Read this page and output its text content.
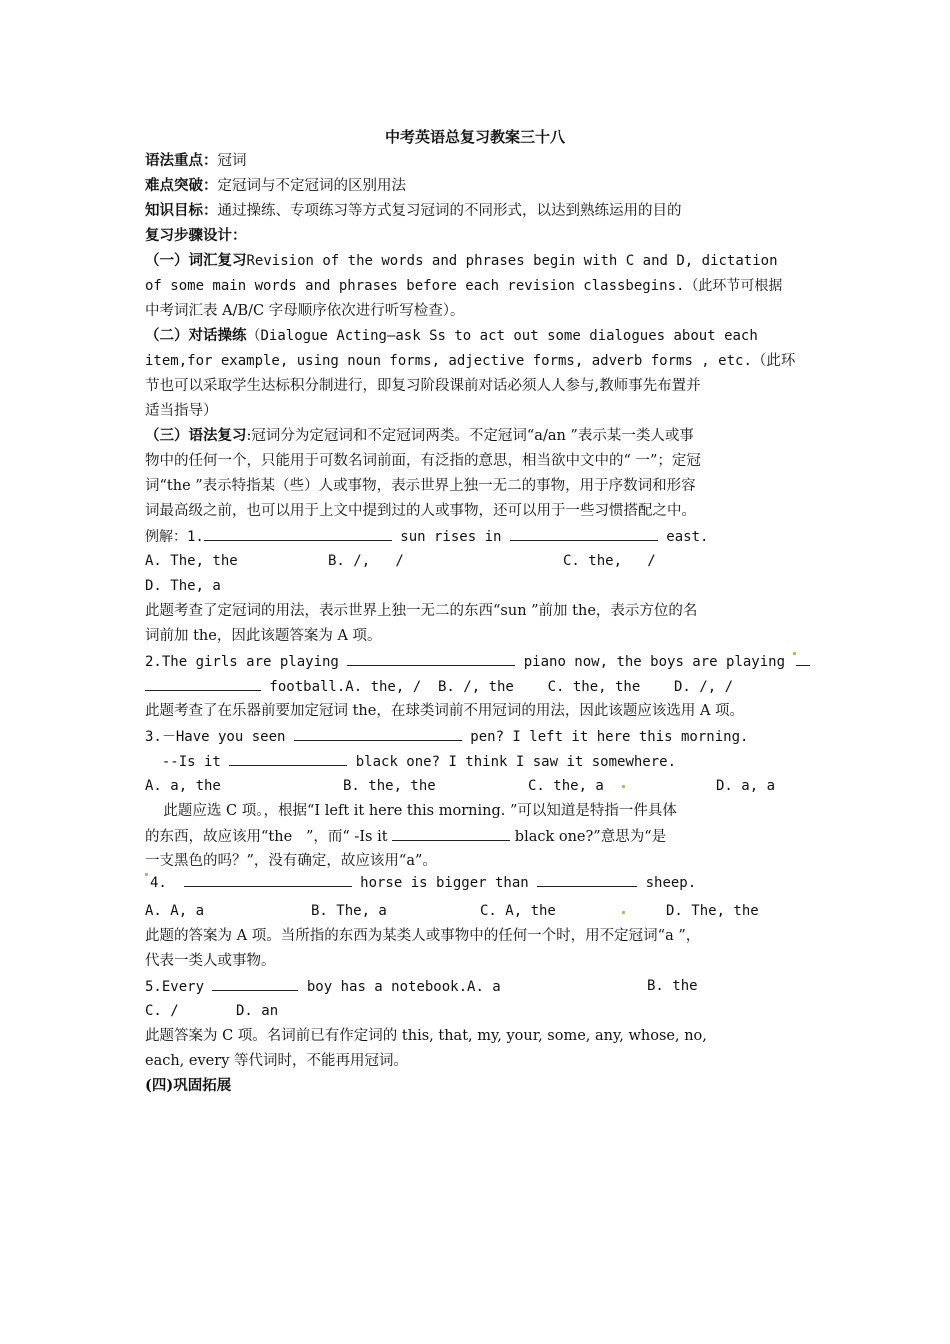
中考英语总复习教案三十八
语法重点：冠词
难点突破：定冠词与不定冠词的区别用法
知识目标：通过操练、专项练习等方式复习冠词的不同形式，以达到熟练运用的目的
复习步骤设计：
（一）词汇复习Revision of the words and phrases begin with C and D, dictation
of some main words and phrases before each revision classbegins.（此环节可根据
中考词汇表 A/B/C 字母顺序依次进行听写检查）。
（二）对话操练（Dialogue Acting—ask Ss to act out some dialogues about each
item,for example, using noun forms, adjective forms, adverb forms , etc.（此环
节也可以采取学生达标积分制进行，即复习阶段课前对话必须人人参与,教师事先布置并
适当指导）
（三）语法复习:冠词分为定冠词和不定冠词两类。不定冠词“a/an ”表示某一类人或事
物中的任何一个，只能用于可数名词前面，有泛指的意思，相当欲中文中的“ 一”；定冠
词“the ”表示特指某（些）人或事物，表示世界上独一无二的事物，用于序数词和形容
词最高级之前，也可以用于上文中提到过的人或事物，还可以用于一些习惯搭配之中。
例解：1.	sun rises in	east.
A. The, the	B. /,   /	C. the,   /
D. The, a
此题考查了定冠词的用法，表示世界上独一无二的东西“sun ”前加 the，表示方位的名
词前加 the，因此该题答案为 A 项。
2.The girls are playing	piano now, the boys are playing
football.A. the, /  B. /, the    C. the, the    D. /, /
此题考查了在乐器前要加定冠词 the，在球类词前不用冠词的用法，因此该题应该选用 A 项。
3.－Have you seen	pen? I left it here this morning.
--Is it	black one? I think I saw it somewhere.
A. a, the	B. the, the	C. the, a	D. a, a
此题应选 C 项。，根据“I left it here this morning. ”可以知道是特指一件具体
的东西，故应该用“the   ”，而“ -Is it	black one?”意思为“是
一支黑色的吗？”，没有确定，故应该用“a”。
4.	horse is bigger than	sheep.
A. A, a	B. The, a	C. A, the	D. The, the
此题的答案为 A 项。当所指的东西为某类人或事物中的任何一个时，用不定冠词“a ”，
代表一类人或事物。
5.Every	boy has a notebook.A. a	B. the
C. /	D. an
此题答案为 C 项。名词前已有作定词的 this, that, my, your, some, any, whose, no,
each, every 等代词时，不能再用冠词。
(四)巩固拓展
